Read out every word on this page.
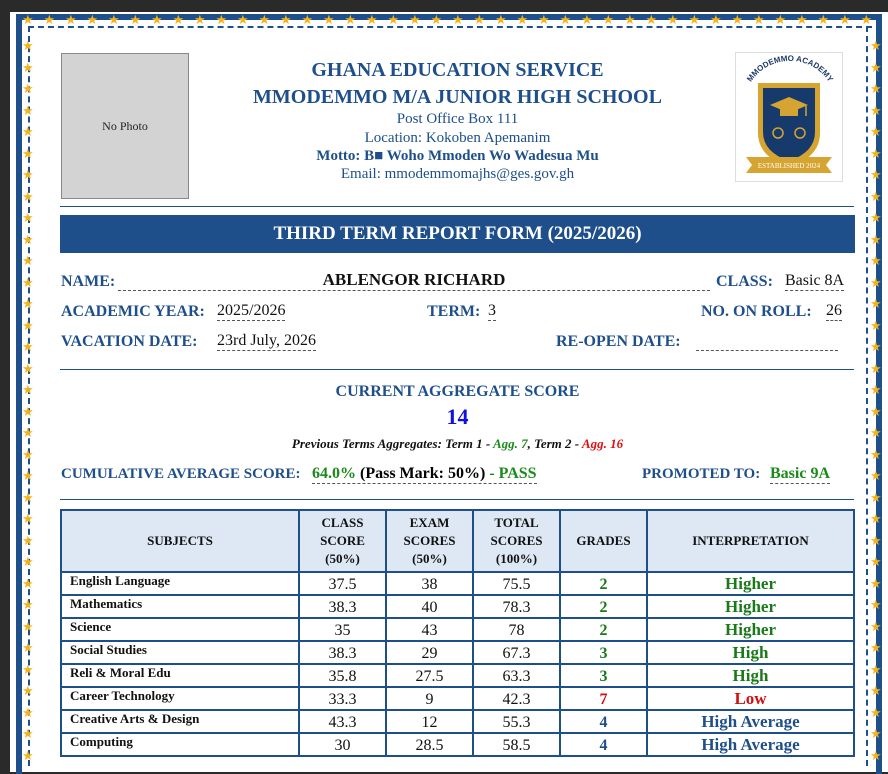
★ ★ ★ ★ ★ ★ ★ ★ ★ ★ ★ ★ ★ ★ ★ ★ ★ ★ ★ ★ ★ ★ ★ ★ ★ ★ ★ ★ ★ ★ ★ ★ ★ ★ ★ ★ ★ ★ ★ ★
★
★
★
★
★
★
★
★
★
★
★
★
★
★
★
★
★
★
★
★
★
★
★
★
★
★
★
★
★
★
★
★
★
★
★
★
★
★
★
★
★
★
★
★
★
★
★
★
★
★
★
★
★
★
★
★
★
★
★
★
★
★
★
★
★
★
★
★
No Photo
GHANA EDUCATION SERVICE
MMODEMMO M/A JUNIOR HIGH SCHOOL
Post Office Box 111
Location: Kokoben Apemanim
Motto: B■ Woho Mmoden Wo Wadesua Mu
Email: mmodemmomajhs@ges.gov.gh
MMODEMMO ACADEMY
ESTABLISHED 2024
THIRD TERM REPORT FORM (2025/2026)
NAME:	ABLENGOR RICHARD	CLASS: Basic 8A
ACADEMIC YEAR: 2025/2026	TERM: 3	NO. ON ROLL: 26
VACATION DATE: 23rd July, 2026	RE-OPEN DATE:
CURRENT AGGREGATE SCORE
14
Previous Terms Aggregates: Term 1 - Agg. 7, Term 2 - Agg. 16
CUMULATIVE AVERAGE SCORE: 64.0% (Pass Mark: 50%) - PASS	PROMOTED TO: Basic 9A
SUBJECTS	CLASS
SCORE
(50%)	EXAM
SCORES
(50%)	TOTAL
SCORES
(100%)	GRADES	INTERPRETATION
English Language	37.5	38	75.5	2	Higher
Mathematics	38.3	40	78.3	2	Higher
Science	35	43	78	2	Higher
Social Studies	38.3	29	67.3	3	High
Reli & Moral Edu	35.8	27.5	63.3	3	High
Career Technology	33.3	9	42.3	7	Low
Creative Arts & Design	43.3	12	55.3	4	High Average
Computing	30	28.5	58.5	4	High Average
